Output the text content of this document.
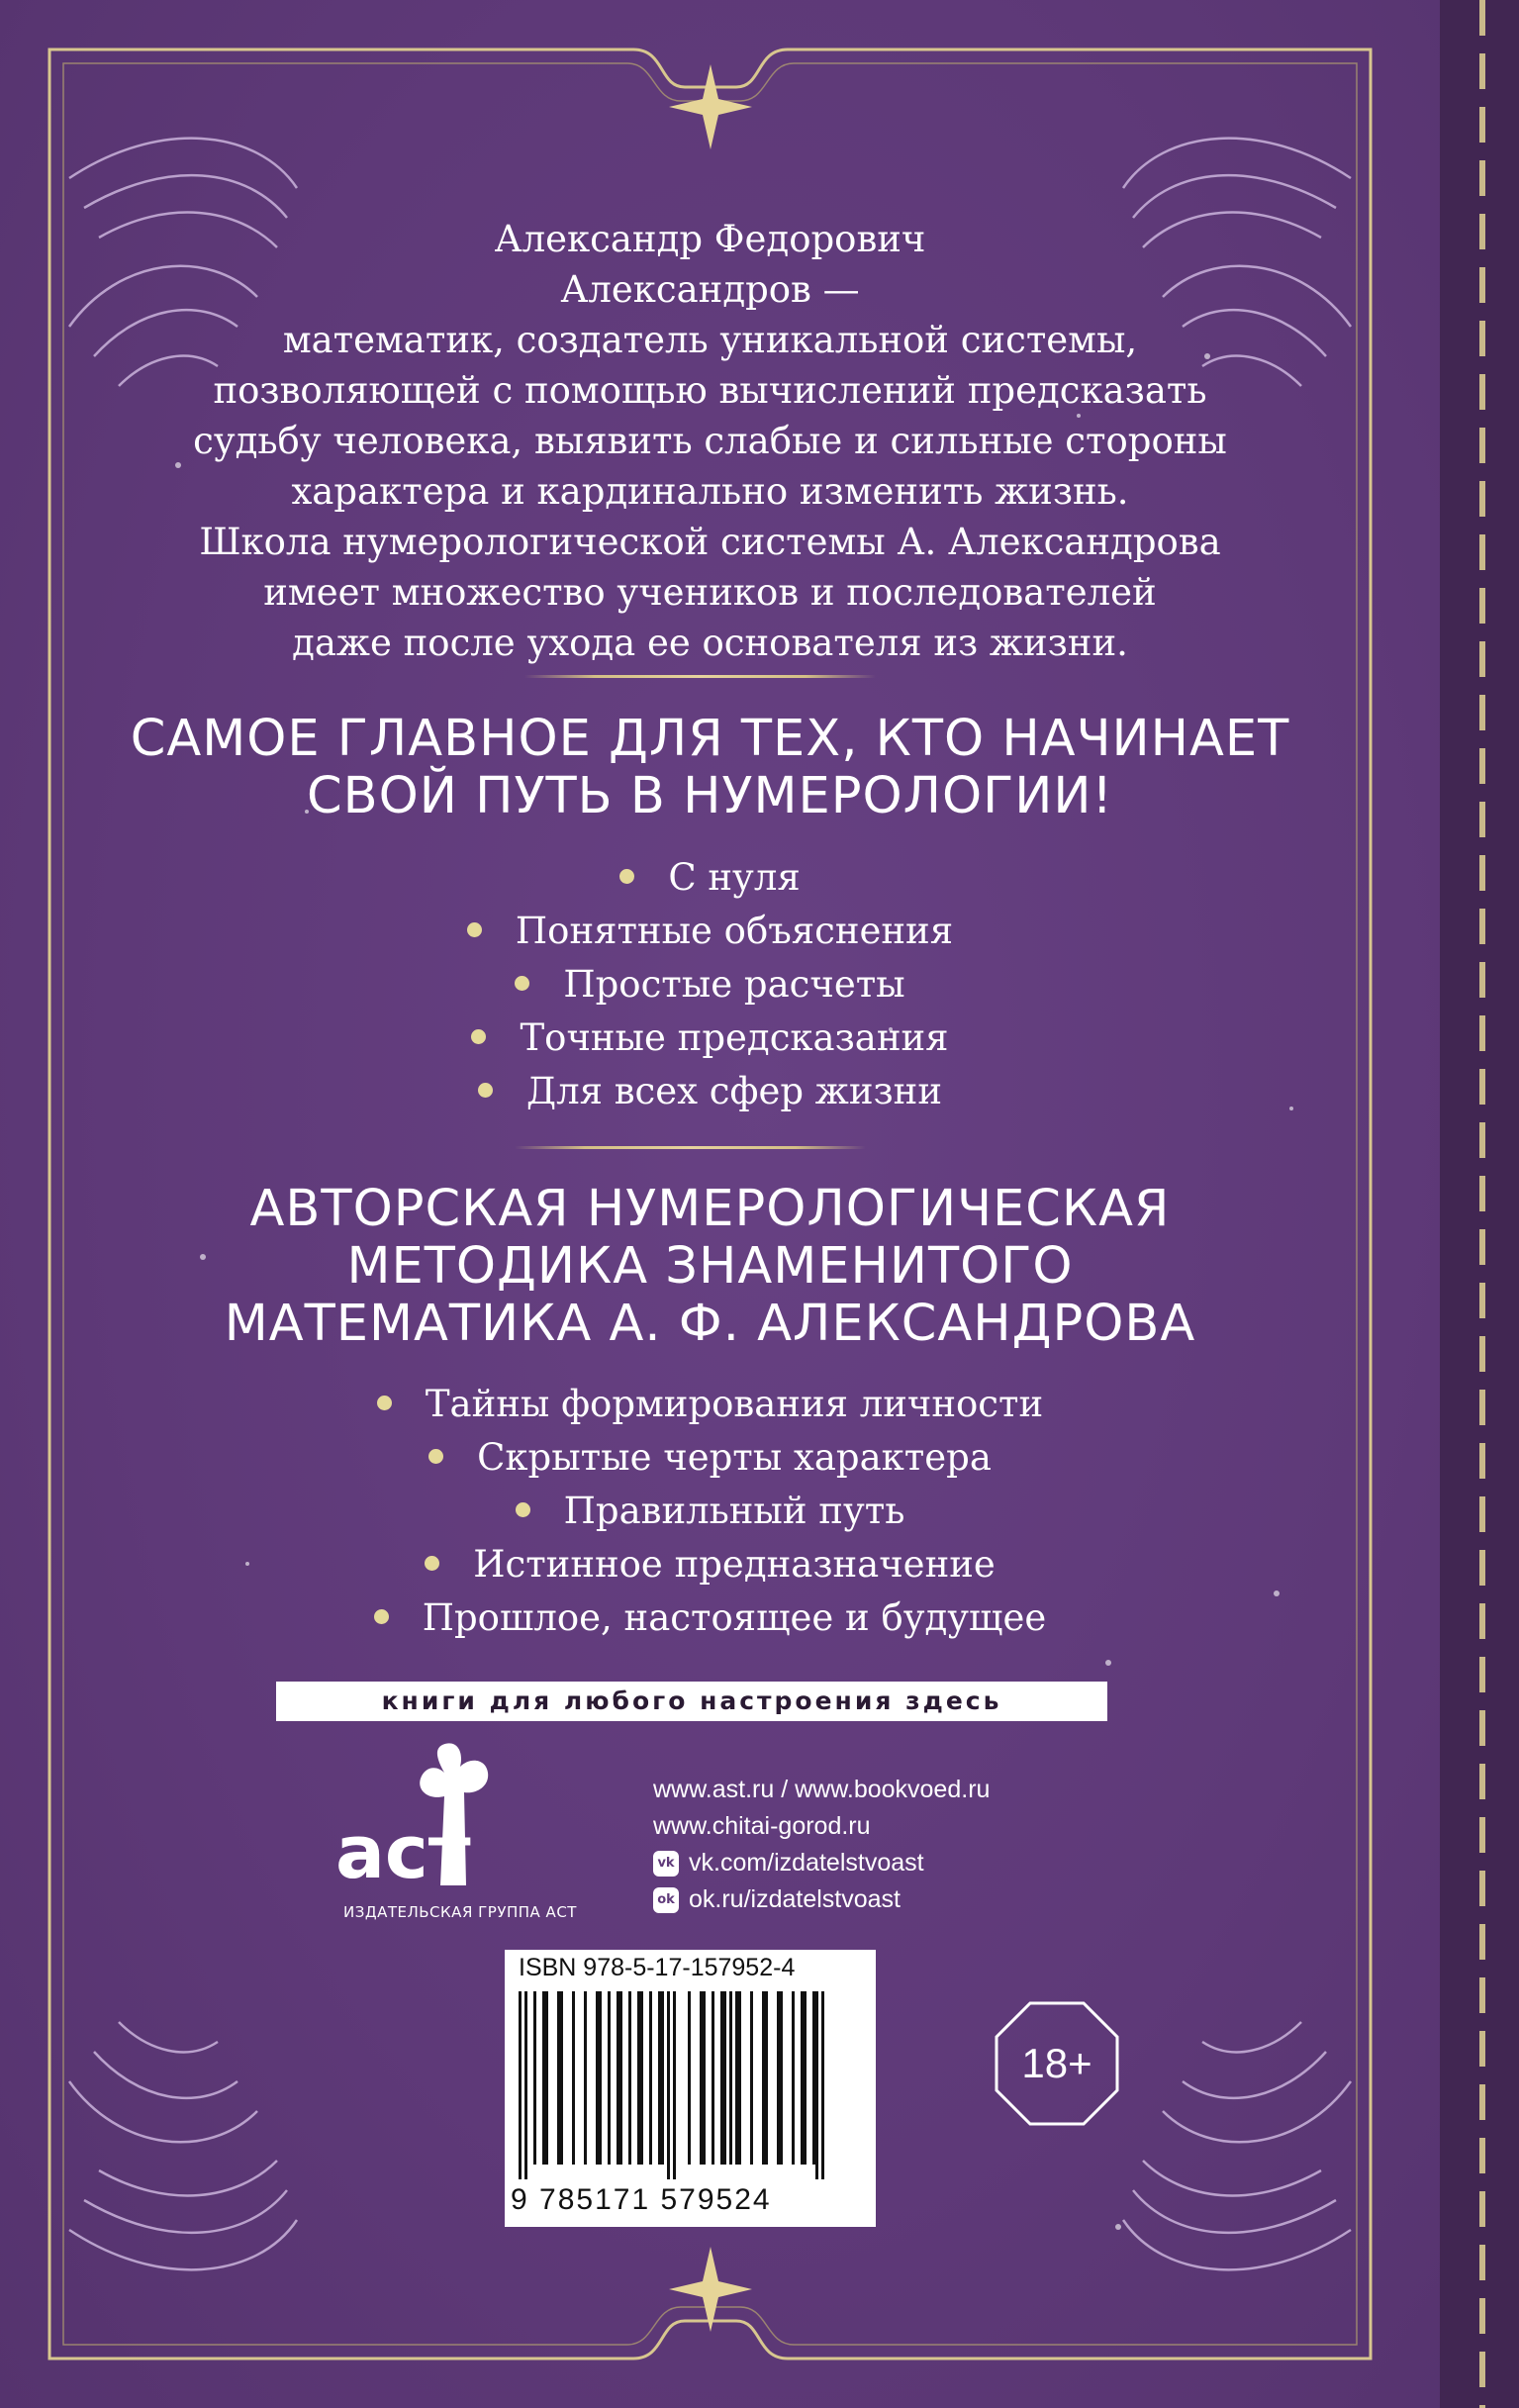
Александр Федорович

Александров —

математик, создатель уникальной системы,

позволяющей с помощью вычислений предсказать

судьбу человека, выявить слабые и сильные стороны

характера и кардинально изменить жизнь.

Школа нумерологической системы А. Александрова

имеет множество учеников и последователей

даже после ухода ее основателя из жизни.

САМОЕ ГЛАВНОЕ ДЛЯ ТЕХ, КТО НАЧИНАЕТ
СВОЙ ПУТЬ В НУМЕРОЛОГИИ!
С нуля
Понятные объяснения
Простые расчеты
Точные предсказания
Для всех сфер жизни
АВТОРСКАЯ НУМЕРОЛОГИЧЕСКАЯ
МЕТОДИКА ЗНАМЕНИТОГО
МАТЕМАТИКА А. Ф. АЛЕКСАНДРОВА
Тайны формирования личности
Скрытые черты характера
Правильный путь
Истинное предназначение
Прошлое, настоящее и будущее
книги для любого настроения здесь
аст
ИЗДАТЕЛЬСКАЯ ГРУППА АСТ
www.ast.ru / www.bookvoed.ru
www.chitai-gorod.ru
vk vk.com/izdatelstvoast
ok ok.ru/izdatelstvoast
ISBN 978-5-17-157952-4
9 785171 579524
18+
